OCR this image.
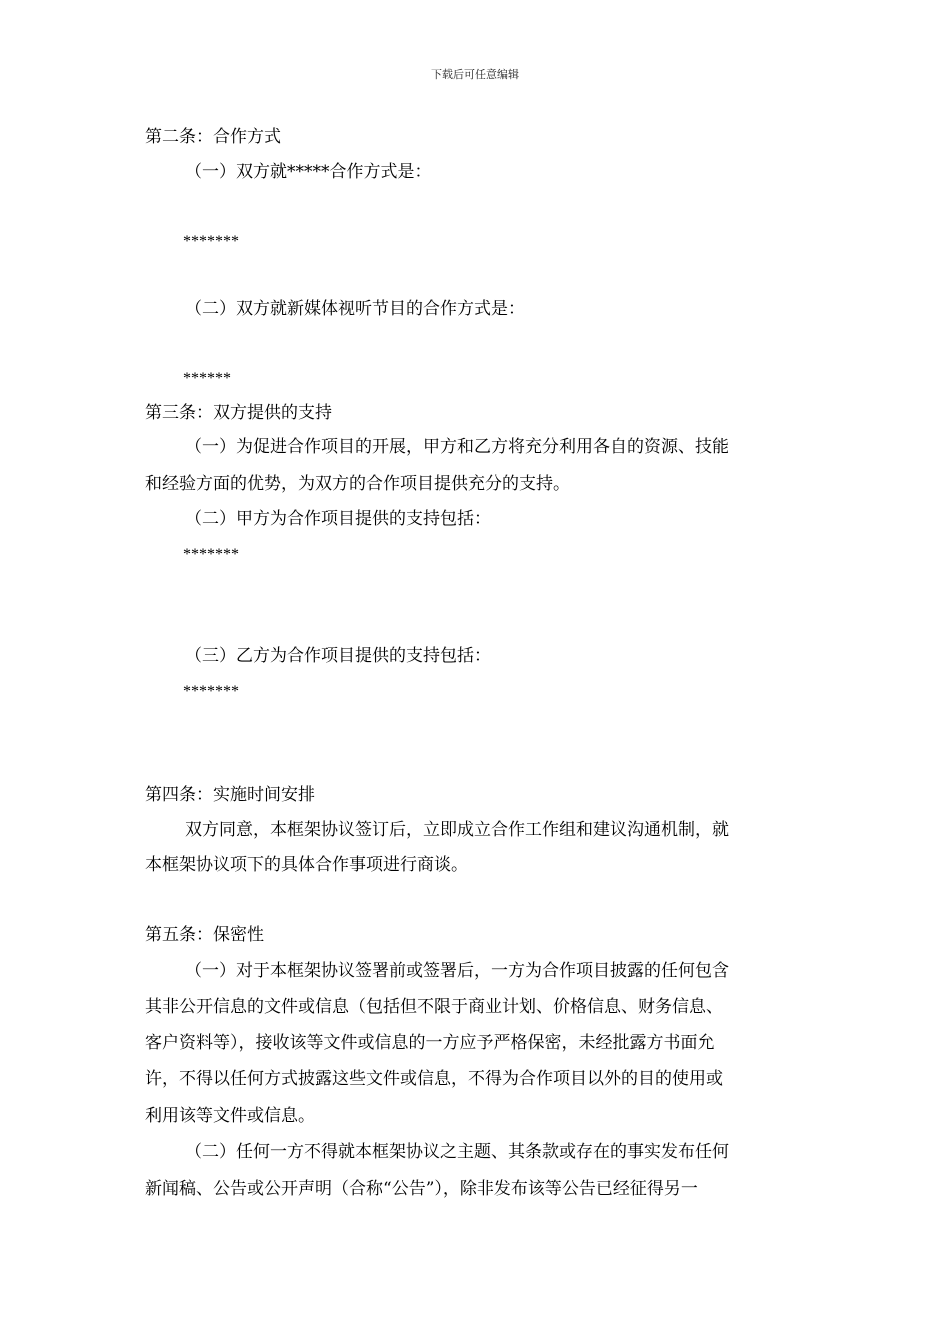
下载后可任意编辑
第二条：合作方式
（一）双方就*****合作方式是：
*******
（二）双方就新媒体视听节目的合作方式是：
******
第三条：双方提供的支持
（一）为促进合作项目的开展，甲方和乙方将充分利用各自的资源、技能
和经验方面的优势，为双方的合作项目提供充分的支持。
（二）甲方为合作项目提供的支持包括：
*******
（三）乙方为合作项目提供的支持包括：
*******
第四条：实施时间安排
双方同意，本框架协议签订后，立即成立合作工作组和建议沟通机制，就
本框架协议项下的具体合作事项进行商谈。
第五条：保密性
（一）对于本框架协议签署前或签署后，一方为合作项目披露的任何包含
其非公开信息的文件或信息（包括但不限于商业计划、价格信息、财务信息、
客户资料等），接收该等文件或信息的一方应予严格保密，未经批露方书面允
许，不得以任何方式披露这些文件或信息，不得为合作项目以外的目的使用或
利用该等文件或信息。
（二）任何一方不得就本框架协议之主题、其条款或存在的事实发布任何
新闻稿、公告或公开声明（合称“公告”），除非发布该等公告已经征得另一
